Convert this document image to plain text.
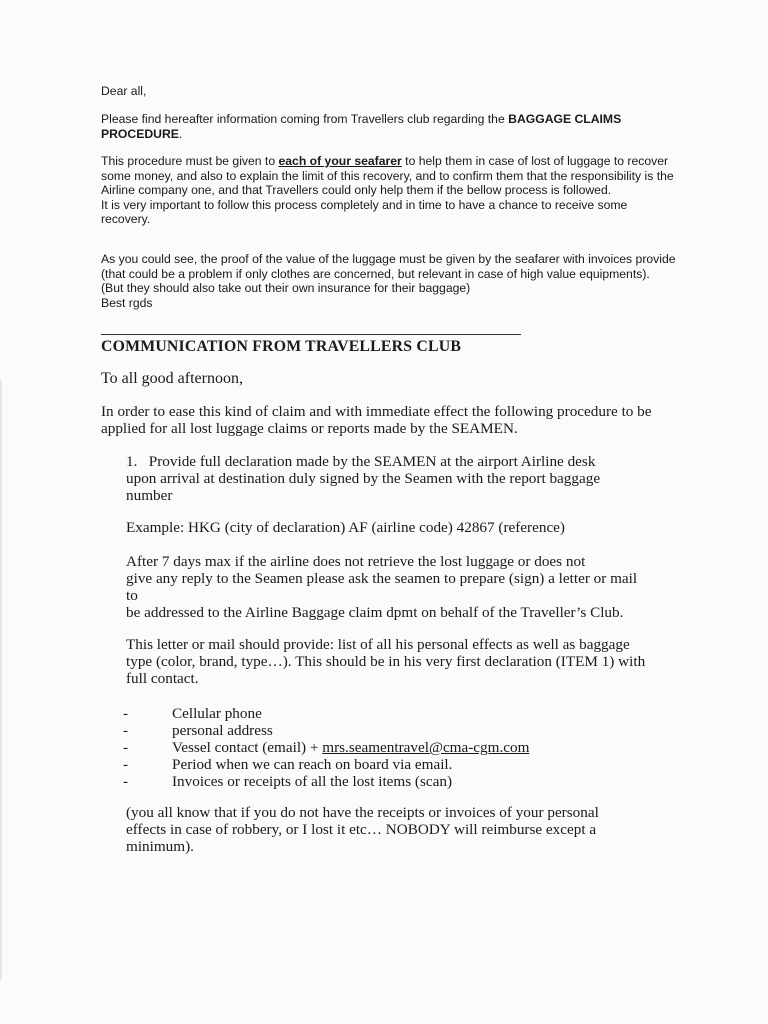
Dear all,

Please find hereafter information coming from Travellers club regarding the BAGGAGE CLAIMS PROCEDURE.

This procedure must be given to each of your seafarer to help them in case of lost of luggage to recover some money, and also to explain the limit of this recovery, and to confirm them that the responsibility is the Airline company one, and that Travellers could only help them if the bellow process is followed.
It is very important to follow this process completely and in time to have a chance to receive some recovery.
As you could see, the proof of the value of the luggage must be given by the seafarer with invoices provide (that could be a problem if only clothes are concerned, but relevant in case of high value equipments).
(But they should also take out their own insurance for their baggage)
Best rgds
COMMUNICATION FROM TRAVELLERS CLUB

To all good afternoon,

In order to ease this kind of claim and with immediate effect the following procedure to be applied for all lost luggage claims or reports made by the SEAMEN.

1. Provide full declaration made by the SEAMEN at the airport Airline desk upon arrival at destination duly signed by the Seamen with the report baggage number

Example: HKG (city of declaration) AF (airline code) 42867 (reference)

After 7 days max if the airline does not retrieve the lost luggage or does not
give any reply to the Seamen please ask the seamen to prepare (sign) a letter or mail
to
be addressed to the Airline Baggage claim dpmt on behalf of the Traveller’s Club.

This letter or mail should provide: list of all his personal effects as well as baggage type (color, brand, type…). This should be in his very first declaration (ITEM 1) with full contact.

-	Cellular phone
-	personal address
-	Vessel contact (email) + mrs.seamentravel@cma-cgm.com
-	Period when we can reach on board via email.
-	Invoices or receipts of all the lost items (scan)

(you all know that if you do not have the receipts or invoices of your personal effects in case of robbery, or I lost it etc… NOBODY will reimburse except a minimum).
